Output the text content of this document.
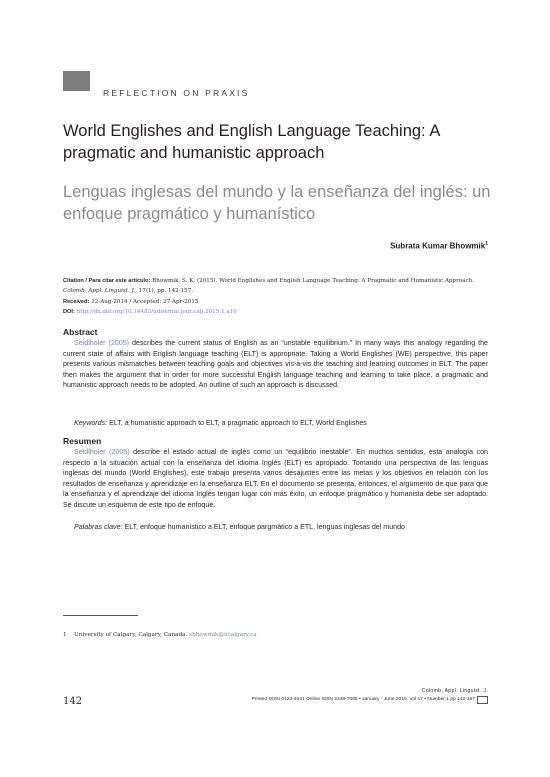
REFLECTION ON PRAXIS
World Englishes and English Language Teaching: A pragmatic and humanistic approach
Lenguas inglesas del mundo y la enseñanza del inglés: un enfoque pragmático y humanístico
Subrata Kumar Bhowmik$^1$
Citation / Para citar este artículo: Bhowmik, S. K. (2015). World Englishes and English Language Teaching: A Pragmatic and Humanistic Approach.
Colomb. Appl. Linguist. J., 17(1), pp. 142-157.
Received: 12-Aug-2014 / Accepted: 27-Apr-2015
DOI: http://dx.doi.org/10.14483/udistrital.jour.calj.2015.1.a10
Abstract

Seidlholer (2005) describes the current status of English as an “unstable equilibrium.” In many ways this analogy regarding the current state of affairs with English language teaching (ELT) is appropriate. Taking a World Englishes (WE) perspective, this paper presents various mismatches between teaching goals and objectives vis-à-vis the teaching and learning outcomes in ELT. The paper then makes the argument that in order for more successful English language teaching and learning to take place, a pragmatic and humanistic approach needs to be adopted. An outline of such an approach is discussed.

Keywords: ELT, a humanistic approach to ELT, a pragmatic approach to ELT, World Englishes

Resumen

Seidlholer (2005) describe el estado actual de inglés como un “equilibrio inestable”. En muchos sentidos, esta analogía con respecto a la situación actual con la enseñanza del idioma Inglés (ELT) es apropiado. Tomando una perspectiva de las lenguas inglesas del mundo (World Englishes), este trabajo presenta varios desajustes entre las metas y los objetivos en relación con los resultados de enseñanza y aprendizaje en la enseñanza ELT. En el documento se presenta, entonces, el argumento de que para que la enseñanza y el aprendizaje del idioma Inglés tengan lugar con más éxito, un enfoque pragmático y humanista debe ser adoptado. Se discute un esquema de este tipo de enfoque.

Palabras clave: ELT, enfoque humanístico a ELT, enfoque pargmático a ETL, lenguas inglesas del mundo

1 University of Calgary, Calgary, Canada. sbhowmik@ucalgary.ca
142
Colomb. Appl. Linguist. J.
Printed ISSN 0123-4641 Online ISSN 2248-7085 • January - June 2015. Vol 17 • Number 1 pp 142-157
